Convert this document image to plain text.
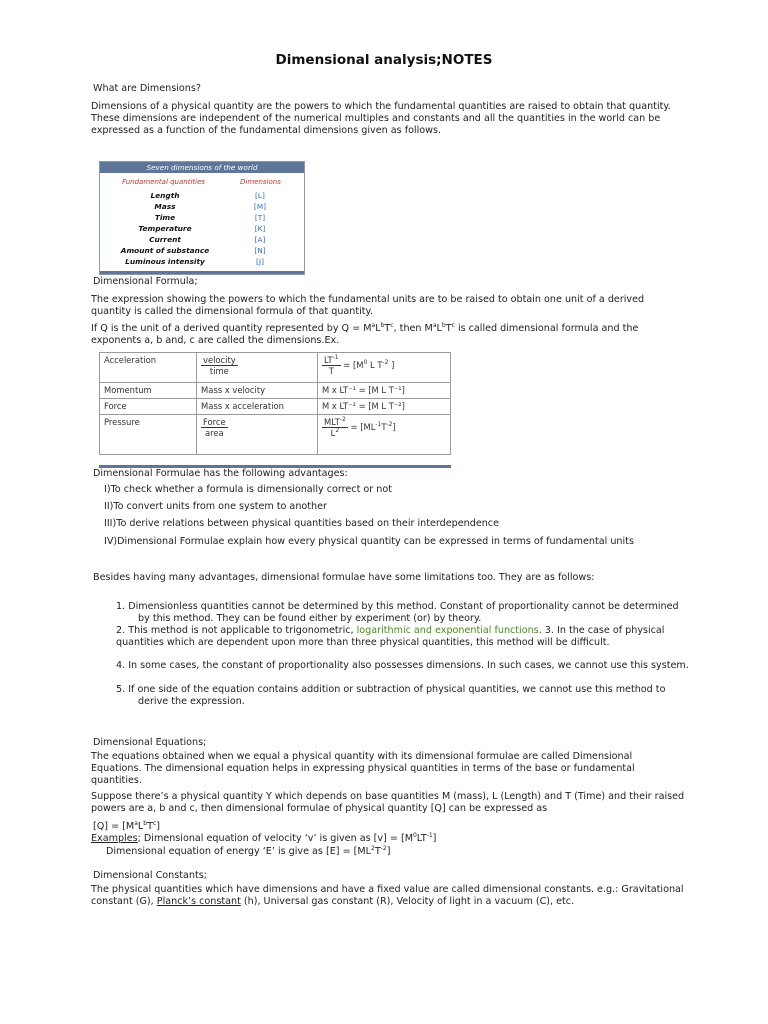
Dimensional analysis;NOTES
What are Dimensions?
Dimensions of a physical quantity are the powers to which the fundamental quantities are raised to obtain that quantity. These dimensions are independent of the numerical multiples and constants and all the quantities in the world can be expressed as a function of the fundamental dimensions given as follows.
Seven dimensions of the world
Fundamental quantities	Dimensions
Length	[L]
Mass	[M]
Time	[T]
Temperature	[K]
Current	[A]
Amount of substance	[N]
Luminous intensity	[J]
Dimensional Formula;
The expression showing the powers to which the fundamental units are to be raised to obtain one unit of a derived quantity is called the dimensional formula of that quantity.
If Q is the unit of a derived quantity represented by $Q = M^aL^bT^c$, then $M^aL^bT^c$ is called dimensional formula and the exponents a, b and, c are called the dimensions.Ex.
Acceleration	$\frac{\text{velocity}}{\text{time}}$	$\frac{LT^{-1}}{T} = [M^0$ L $T^{-2}$ ]
Momentum	Mass x velocity	M x LT⁻¹ = [M L T⁻¹]
Force	Mass x acceleration	M x LT⁻² = [M L T⁻²]
Pressure	$\frac{\text{Force}}{\text{area}}$	$\frac{MLT^{-2}}{L^2} = [ML^{-1}T^{-2}]$
Dimensional Formulae has the following advantages:
I)To check whether a formula is dimensionally correct or not
II)To convert units from one system to another
III)To derive relations between physical quantities based on their interdependence
IV)Dimensional Formulae explain how every physical quantity can be expressed in terms of fundamental units
Besides having many advantages, dimensional formulae have some limitations too. They are as follows:
1. Dimensionless quantities cannot be determined by this method. Constant of proportionality cannot be determined by this method. They can be found either by experiment (or) by theory.
2. This method is not applicable to trigonometric, logarithmic and exponential functions. 3. In the case of physical quantities which are dependent upon more than three physical quantities, this method will be difficult.
4. In some cases, the constant of proportionality also possesses dimensions. In such cases, we cannot use this system.
5. If one side of the equation contains addition or subtraction of physical quantities, we cannot use this method to derive the expression.
Dimensional Equations;
The equations obtained when we equal a physical quantity with its dimensional formulae are called Dimensional Equations. The dimensional equation helps in expressing physical quantities in terms of the base or fundamental quantities.
Suppose there’s a physical quantity Y which depends on base quantities M (mass), L (Length) and T (Time) and their raised powers are a, b and c, then dimensional formulae of physical quantity [Q] can be expressed as
$[Q] = [M^aL^bT^c]$
Examples; Dimensional equation of velocity ‘v’ is given as $[v] = [M^0LT^{-1}]$
Dimensional equation of energy ‘E’ is give as $[E] = [ML^2T^{-2}]$
Dimensional Constants;
The physical quantities which have dimensions and have a fixed value are called dimensional constants. e.g.: Gravitational constant (G), Planck’s constant (h), Universal gas constant (R), Velocity of light in a vacuum (C), etc.
